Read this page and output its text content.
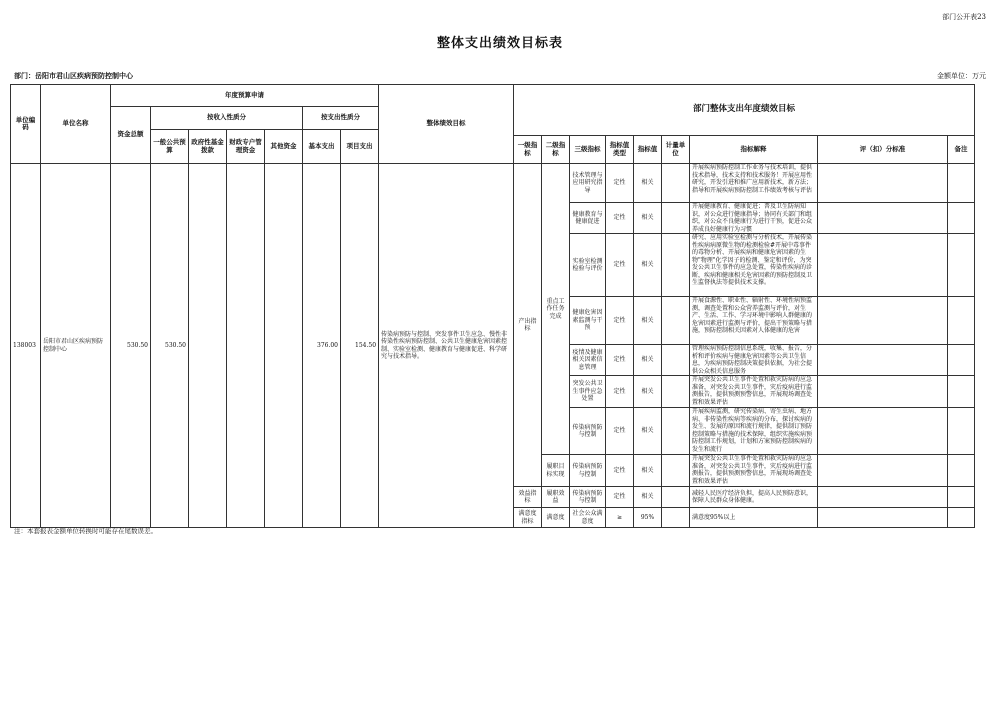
部门公开表23
整体支出绩效目标表
部门：岳阳市君山区疾病预防控制中心	金额单位：万元
单位编码	单位名称	年度预算申请							整体绩效目标	部门整体支出年度绩效目标								
		资金总额	按收入性质分				按支出性质分											
			一般公共预算	政府性基金拨款	财政专户管理资金	其他资金	基本支出	项目支出										
										一级指标	二级指标	三级指标	指标值类型	指标值	计量单位	指标解释	评（扣）分标准	备注
138003	岳阳市君山区疾病预防控制中心	530.50	530.50				376.00	154.50	传染病预防与控制、突发事件卫生应急、慢性非传染性疾病预防控制、公共卫生健康危害因素控制、实验室检测、健康教育与健康促进、科学研究与技术指导。	产出指标	重点工作任务完成	技术管理与应用研究指导	定性	相关		开展疾病预防控制工作业务与技术培训，提供技术指导，技术支持和技术服务！开展应用性研究，开发引进和推广应用新技术，新方法；指导和开展疾病预防控制工作绩效考核与评估		

												健康教育与健康促进	定性	相关		开展健康教育、健康促进；普及卫生防病知识，对公众进行健康指导；协同有关部门和组织，对公众不良健康行为进行干预，促进公众养成良好健康行为习惯		

												实验室检测检验与评价	定性	相关		研究、应用实验室检测与分析技术，开展传染性疾病病原微生物的检测检验#开展中毒事件的毒物分析、开展疾病和健康危害因素的生物"物理"化学因子的检测、鉴定和评价，为突发公共卫生事件的应急处置，传染性疾病的诊断，疾病和健康相关危害因素的预防控制及卫生监督执法等提供技术支撑。		

												健康危害因素监测与干预	定性	相关		开展食源性、职业性、辐射性、环境性病预监测，调查处置和公众营养监测与评价，对生产、生活、工作、学习环境中影响人群健康的危害因素进行监测与评价，提出干预策略与措施，预防控制相关因素对人体健康的危害		

												疫情及健康相关因素信息管理	定性	相关		管理疾病预防控制信息系统，收集、报告，分析和评价疾病与健康危害因素等公共卫生信息，为疾病预防控制决策提供依据，为社会提供公众相关信息服务		

												突发公共卫生事件应急处置	定性	相关		开展突发公共卫生事件处置和救灾防病的应急准备，对突发公共卫生事件，灾后疫病进行监测报告，提供预测预警信息，开展现场调查处置和效果评估		

												传染病预防与控制	定性	相关		开展疾病监测，研究传染病、寄生虫病、地方病、非传染性疾病等疾病的分布，探讨疾病的发生、发展的原因和流行规律，提供制订预防控制策略与措施的技术保障，组织实施疾病预防控制工作规划，计划和方案预防控制疾病的发生和流行		

											履职目标实现	传染病预防与控制	定性	相关		开展突发公共卫生事件处置和救灾防病的应急准备，对突发公共卫生事件，灾后疫病进行监测报告，提供预测预警信息，开展现场调查处置和效果评估		

										效益指标	履职效益	传染病预防与控制	定性	相关		减轻人民医疗经济负担，提高人民预防意识，保障人民群众身体健康。		
										满意度指标	满意度	社会公众满意度	≥	95%		满意度95%以上		
注：本套报表金额单位转换时可能存在尾数误差。
